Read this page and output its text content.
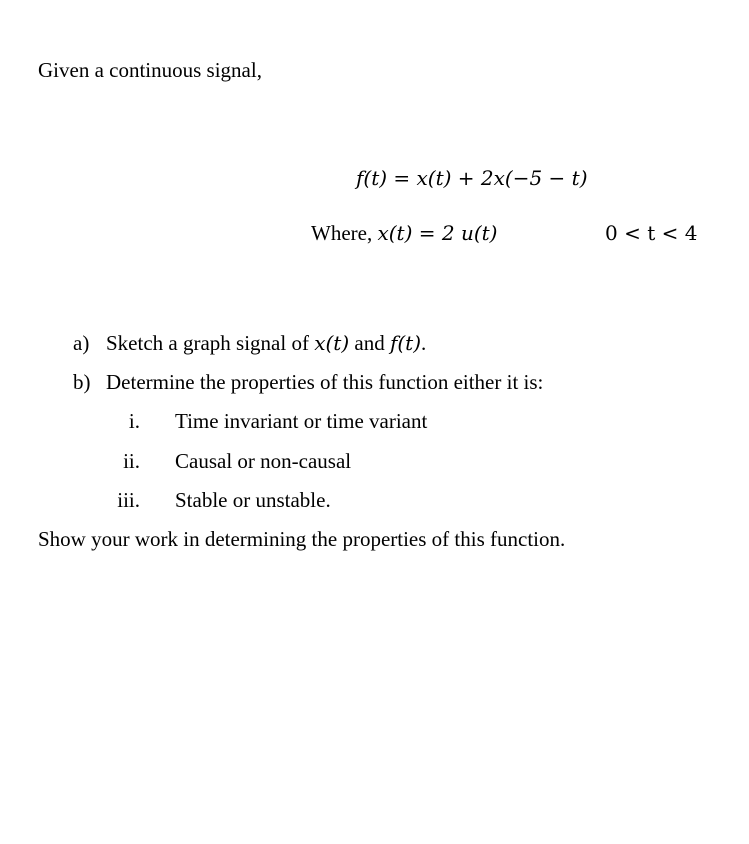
Given a continuous signal,
f(t) = x(t) + 2x(−5 − t)
Where, x(t) = 2 u(t)	0 < t < 4
a) Sketch a graph signal of x(t) and f(t).
b) Determine the properties of this function either it is:
i. Time invariant or time variant
ii. Causal or non-causal
iii. Stable or unstable.
Show your work in determining the properties of this function.
